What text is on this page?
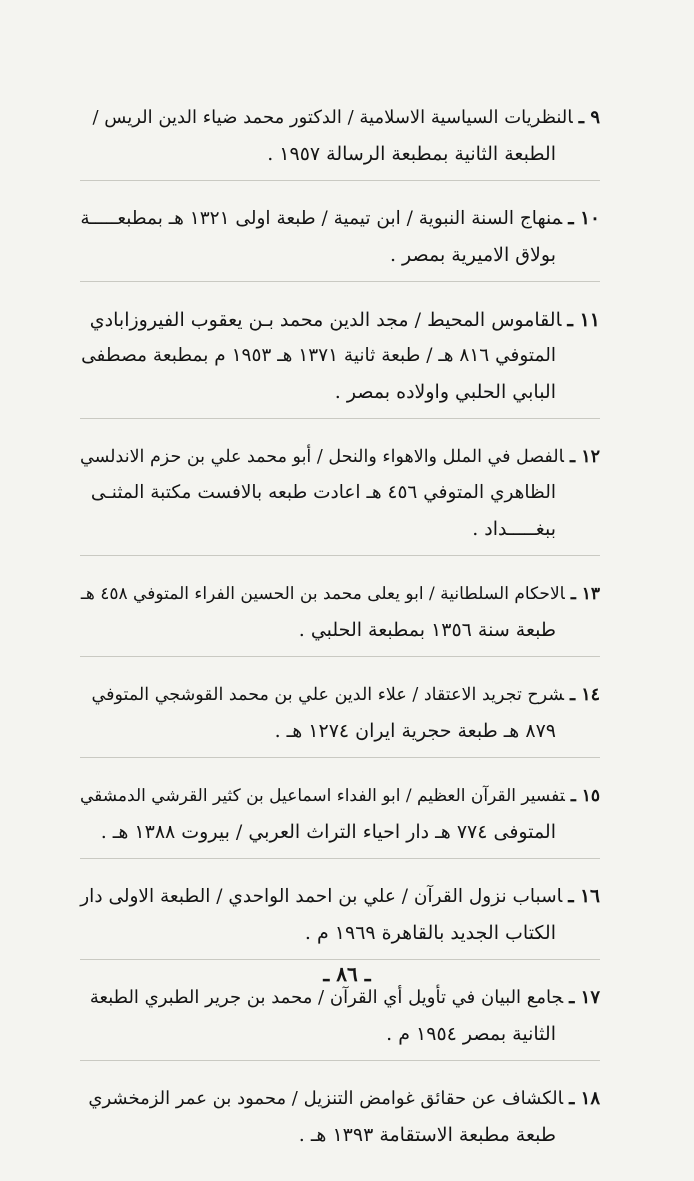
٩ ـالنظريات السياسية الاسلامية / الدكتور محمد ضياء الدين الريس /
الطبعة الثانية بمطبعة الرسالة ١٩٥٧ .
١٠ ـمنهاج السنة النبوية / ابن تيمية / طبعة اولى ١٣٢١ هـ بمطبعـــــة
بولاق الاميرية بمصر .
١١ ـالقاموس المحيط / مجد الدين محمد بـن يعقوب الفيروزابادي
المتوفي ٨١٦ هـ / طبعة ثانية ١٣٧١ هـ ١٩٥٣ م بمطبعة مصطفى
البابي الحلبي واولاده بمصر .
١٢ ـالفصل في الملل والاهواء والنحل / أبو محمد علي بن حزم الاندلسي
الظاهري المتوفي ٤٥٦ هـ اعادت طبعه بالافست مكتبة المثنـى
ببغـــــداد .
١٣ ـالاحكام السلطانية / ابو يعلى محمد بن الحسين الفراء المتوفي ٤٥٨ هـ
طبعة سنة ١٣٥٦ بمطبعة الحلبي .
١٤ ـشرح تجريد الاعتقاد / علاء الدين علي بن محمد القوشجي المتوفي
٨٧٩ هـ طبعة حجرية ايران ١٢٧٤ هـ .
١٥ ـتفسير القرآن العظيم / ابو الفداء اسماعيل بن كثير القرشي الدمشقي
المتوفى ٧٧٤ هـ دار احياء التراث العربي / بيروت ١٣٨٨ هـ .
١٦ ـاسباب نزول القرآن / علي بن احمد الواحدي / الطبعة الاولى دار
الكتاب الجديد بالقاهرة ١٩٦٩ م .
١٧ ـجامع البيان في تأويل أي القرآن / محمد بن جرير الطبري الطبعة
الثانية بمصر ١٩٥٤ م .
١٨ ـالكشاف عن حقائق غوامض التنزيل / محمود بن عمر الزمخشري
طبعة مطبعة الاستقامة ١٣٩٣ هـ .
ـ ٨٦ ـ
